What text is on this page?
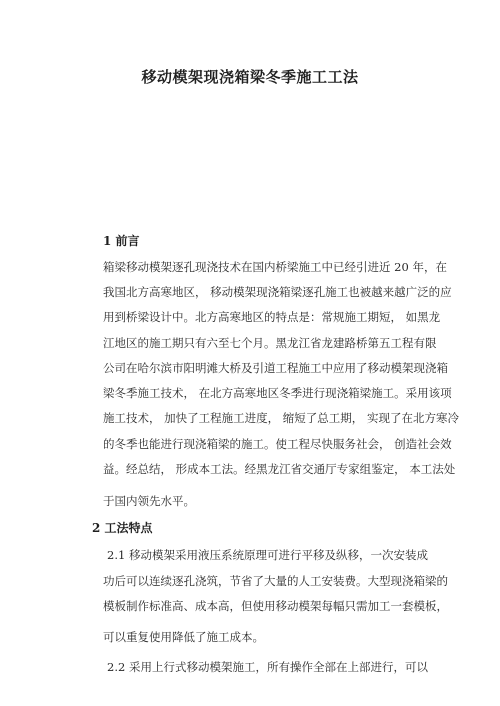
移动模架现浇箱梁冬季施工工法
1 前言
箱梁移动模架逐孔现浇技术在国内桥梁施工中已经引进近 20 年，在
我国北方高寒地区， 移动模架现浇箱梁逐孔施工也被越来越广泛的应
用到桥梁设计中。北方高寒地区的特点是：常规施工期短， 如黑龙
江地区的施工期只有六至七个月。黑龙江省龙建路桥第五工程有限
公司在哈尔滨市阳明滩大桥及引道工程施工中应用了移动模架现浇箱
梁冬季施工技术， 在北方高寒地区冬季进行现浇箱梁施工。采用该项
施工技术， 加快了工程施工进度， 缩短了总工期， 实现了在北方寒冷
的冬季也能进行现浇箱梁的施工。使工程尽快服务社会， 创造社会效
益。经总结， 形成本工法。经黑龙江省交通厅专家组鉴定， 本工法处
于国内领先水平。
2 工法特点
2.1 移动模架采用液压系统原理可进行平移及纵移，一次安装成
功后可以连续逐孔浇筑，节省了大量的人工安装费。大型现浇箱梁的
模板制作标准高、成本高，但使用移动模架每幅只需加工一套模板，
可以重复使用降低了施工成本。
2.2 采用上行式移动模架施工，所有操作全部在上部进行，可以
